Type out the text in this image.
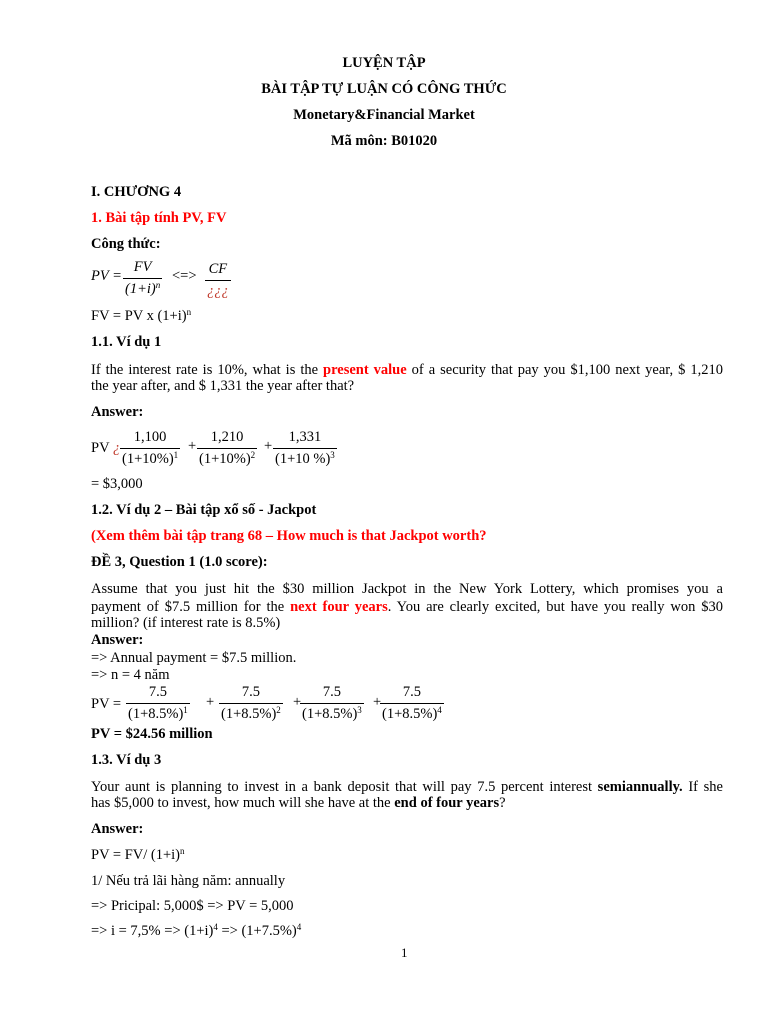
LUYỆN TẬP
BÀI TẬP TỰ LUẬN CÓ CÔNG THỨC
Monetary&Financial Market
Mã môn: B01020
I. CHƯƠNG 4
1. Bài tập tính PV, FV
Công thức:
PV = $\frac{FV}{(1+i)^n}$ <=> CF
¿¿¿
FV = PV x $(1+i)^n$
1.1. Ví dụ 1
If the interest rate is 10%, what is the present value of a security that pay you $1,100 next year, $ 1,210
the year after, and $ 1,331 the year after that?
Answer:
PV ¿ $\frac{1,100}{(1+10\%)^1} + \frac{1,210}{(1+10\%)^2} + \frac{1,331}{(1+10 \%)^3}$
= $3,000
1.2. Ví dụ 2 – Bài tập xổ số - Jackpot
(Xem thêm bài tập trang 68 – How much is that Jackpot worth?
ĐỀ 3, Question 1 (1.0 score):
Assume that you just hit the $30 million Jackpot in the New York Lottery, which promises you a
payment of $7.5 million for the next four years. You are clearly excited, but have you really won $30
million? (if interest rate is 8.5%)
Answer:
=> Annual payment = $7.5 million.
=> n = 4 năm
PV = $\frac{7.5}{(1+8.5\%)^1} + \frac{7.5}{(1+8.5\%)^2}$ +
$\frac{7.5}{(1+8.5\%)^3}$ +
$\frac{7.5}{(1+8.5\%)^4}$
PV = $24.56 million
1.3. Ví dụ 3
Your aunt is planning to invest in a bank deposit that will pay 7.5 percent interest semiannually. If she
has $5,000 to invest, how much will she have at the end of four years?
Answer:
PV = FV/ $(1+i)^n$
1/ Nếu trả lãi hàng năm: annually
=> Pricipal: 5,000$ => PV = 5,000
=> $i = 7,5\% => (1+i)^4 => (1+7.5\%)^4$
1
